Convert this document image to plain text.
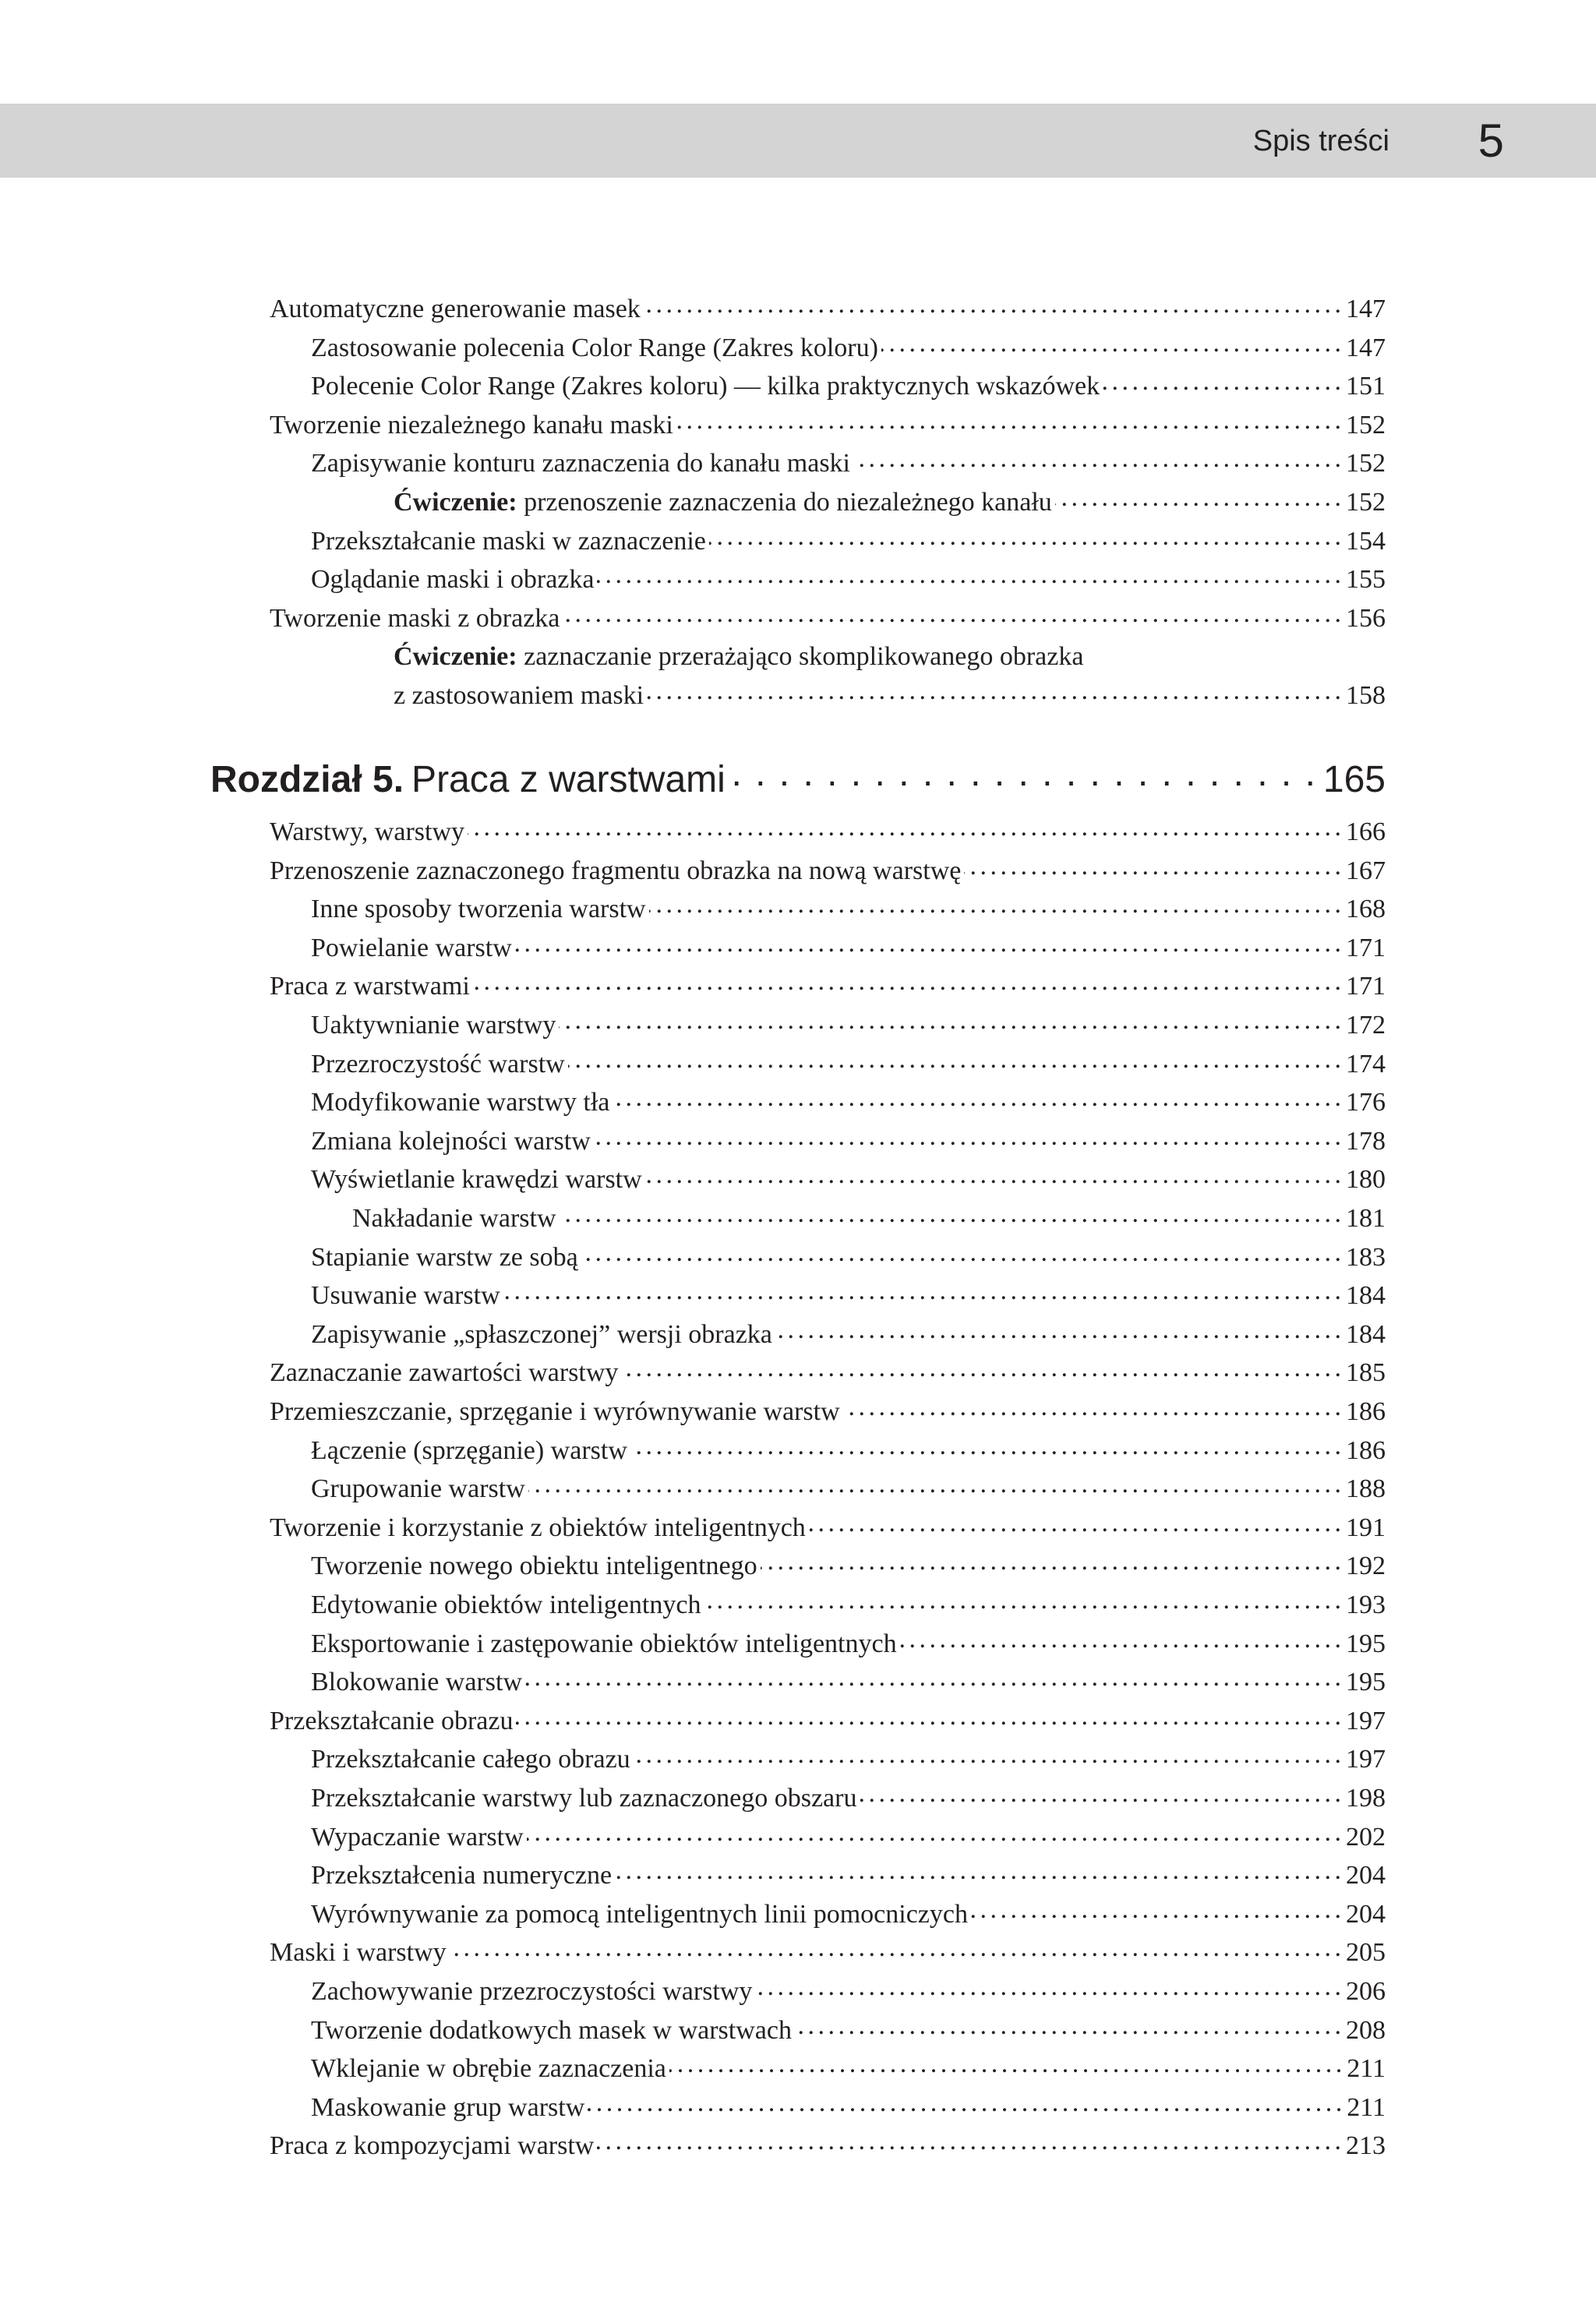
Spis treści 5
Automatyczne generowanie masek . . .	147
Zastosowanie polecenia Color Range (Zakres koloru) . . .	147
Polecenie Color Range (Zakres koloru) — kilka praktycznych wskazówek . . .	151
Tworzenie niezależnego kanału maski . . .	152
Zapisywanie konturu zaznaczenia do kanału maski . . .	152
Ćwiczenie: przenoszenie zaznaczenia do niezależnego kanału . . .	152
Przekształcanie maski w zaznaczenie . . .	154
Oglądanie maski i obrazka . . .	155
Tworzenie maski z obrazka . . .	156
Ćwiczenie: zaznaczanie przerażająco skomplikowanego obrazka
z zastosowaniem maski . . .	158
Rozdział 5. Praca z warstwami . . .	165
Warstwy, warstwy . . .	166
Przenoszenie zaznaczonego fragmentu obrazka na nową warstwę . . .	167
Inne sposoby tworzenia warstw . . .	168
Powielanie warstw . . .	171
Praca z warstwami . . .	171
Uaktywnianie warstwy . . .	172
Przezroczystość warstw . . .	174
Modyfikowanie warstwy tła . . .	176
Zmiana kolejności warstw . . .	178
Wyświetlanie krawędzi warstw . . .	180
Nakładanie warstw . . .	181
Stapianie warstw ze sobą . . .	183
Usuwanie warstw . . .	184
Zapisywanie „spłaszczonej” wersji obrazka . . .	184
Zaznaczanie zawartości warstwy . . .	185
Przemieszczanie, sprzęganie i wyrównywanie warstw . . .	186
Łączenie (sprzęganie) warstw . . .	186
Grupowanie warstw . . .	188
Tworzenie i korzystanie z obiektów inteligentnych . . .	191
Tworzenie nowego obiektu inteligentnego . . .	192
Edytowanie obiektów inteligentnych . . .	193
Eksportowanie i zastępowanie obiektów inteligentnych . . .	195
Blokowanie warstw . . .	195
Przekształcanie obrazu . . .	197
Przekształcanie całego obrazu . . .	197
Przekształcanie warstwy lub zaznaczonego obszaru . . .	198
Wypaczanie warstw . . .	202
Przekształcenia numeryczne . . .	204
Wyrównywanie za pomocą inteligentnych linii pomocniczych . . .	204
Maski i warstwy . . .	205
Zachowywanie przezroczystości warstwy . . .	206
Tworzenie dodatkowych masek w warstwach . . .	208
Wklejanie w obrębie zaznaczenia . . .	211
Maskowanie grup warstw . . .	211
Praca z kompozycjami warstw . . .	213
